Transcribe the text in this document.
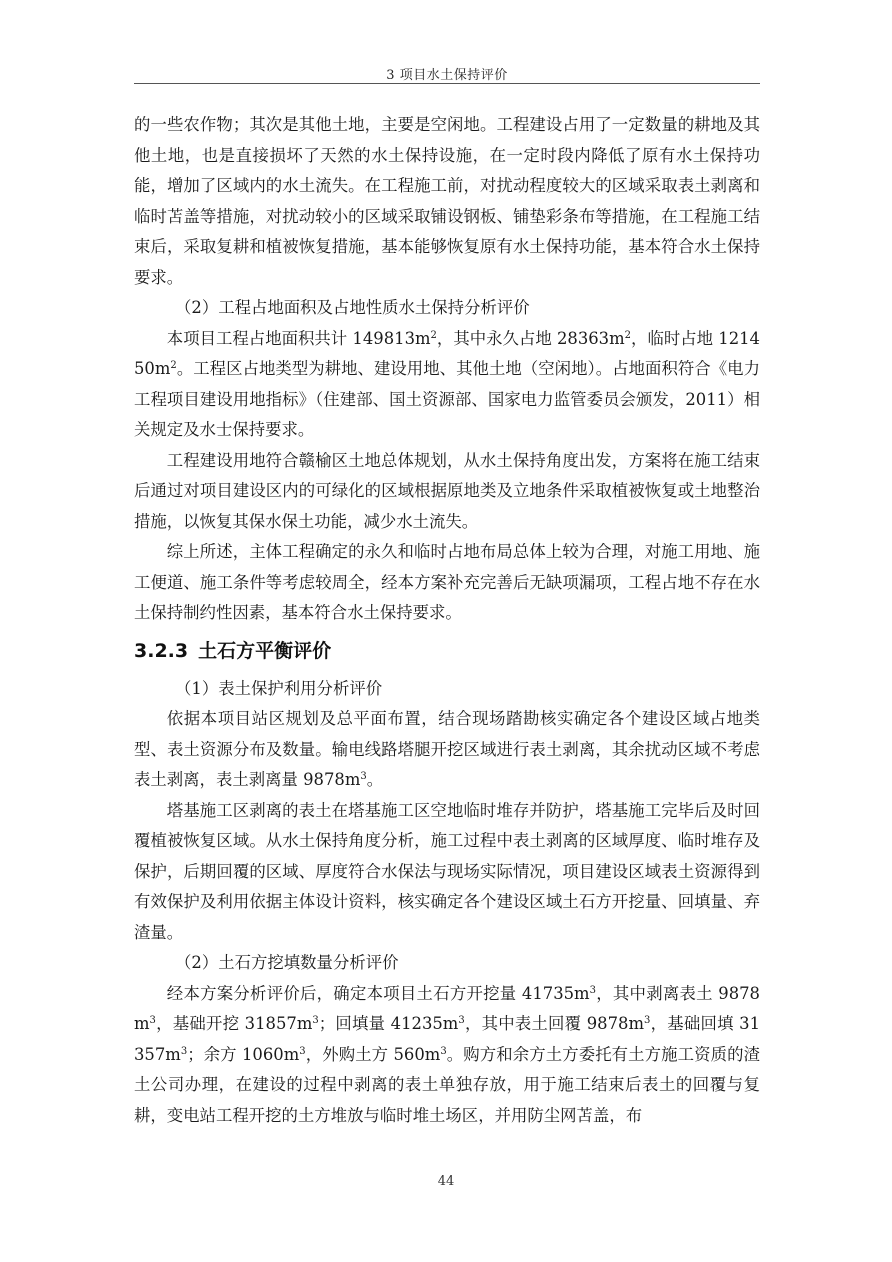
3 项目水土保持评价

的一些农作物；其次是其他土地，主要是空闲地。工程建设占用了一定数量的耕地及其他土地，也是直接损坏了天然的水土保持设施，在一定时段内降低了原有水土保持功能，增加了区域内的水土流失。在工程施工前，对扰动程度较大的区域采取表土剥离和临时苫盖等措施，对扰动较小的区域采取铺设钢板、铺垫彩条布等措施，在工程施工结束后，采取复耕和植被恢复措施，基本能够恢复原有水土保持功能，基本符合水土保持要求。

（2）工程占地面积及占地性质水土保持分析评价

本项目工程占地面积共计 $149813m^2$，其中永久占地 $28363m^2$，临时占地 $121450m^2$。工程区占地类型为耕地、建设用地、其他土地（空闲地）。占地面积符合《电力工程项目建设用地指标》（住建部、国土资源部、国家电力监管委员会颁发，2011）相关规定及水士保持要求。

工程建设用地符合赣榆区土地总体规划，从水土保持角度出发，方案将在施工结束后通过对项目建设区内的可绿化的区域根据原地类及立地条件采取植被恢复或土地整治措施，以恢复其保水保土功能，减少水土流失。

综上所述，主体工程确定的永久和临时占地布局总体上较为合理，对施工用地、施工便道、施工条件等考虑较周全，经本方案补充完善后无缺项漏项，工程占地不存在水土保持制约性因素，基本符合水土保持要求。

3.2.3 土石方平衡评价

（1）表土保护利用分析评价

依据本项目站区规划及总平面布置，结合现场踏勘核实确定各个建设区域占地类型、表土资源分布及数量。输电线路塔腿开挖区域进行表土剥离，其余扰动区域不考虑表土剥离，表土剥离量 $9878m^3$。

塔基施工区剥离的表土在塔基施工区空地临时堆存并防护，塔基施工完毕后及时回覆植被恢复区域。从水土保持角度分析，施工过程中表土剥离的区域厚度、临时堆存及保护，后期回覆的区域、厚度符合水保法与现场实际情况，项目建设区域表土资源得到有效保护及利用依据主体设计资料，核实确定各个建设区域土石方开挖量、回填量、弃渣量。

（2）土石方挖填数量分析评价

经本方案分析评价后，确定本项目土石方开挖量 $41735m^3$，其中剥离表土 $9878m^3$，基础开挖 $31857m^3$；回填量 $41235m^3$，其中表土回覆 $9878m^3$，基础回填 $31357m^3$；余方 $1060m^3$，外购土方 $560m^3$。购方和余方土方委托有土方施工资质的渣土公司办理，在建设的过程中剥离的表土单独存放，用于施工结束后表土的回覆与复耕，变电站工程开挖的土方堆放与临时堆土场区，并用防尘网苫盖，布

44
